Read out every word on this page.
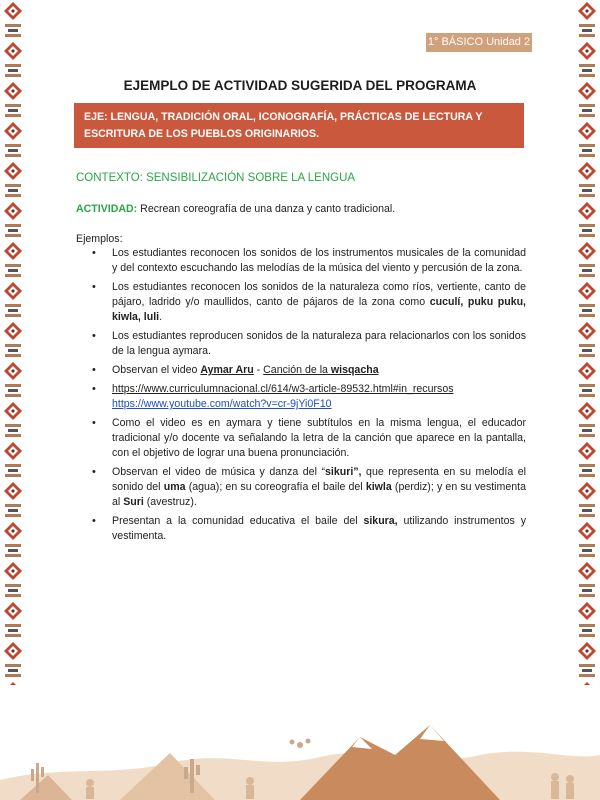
1° BÁSICO Unidad 2
EJEMPLO DE ACTIVIDAD SUGERIDA DEL PROGRAMA
EJE: LENGUA, TRADICIÓN ORAL, ICONOGRAFÍA, PRÁCTICAS DE LECTURA Y ESCRITURA DE LOS PUEBLOS ORIGINARIOS.
CONTEXTO: SENSIBILIZACIÓN SOBRE LA LENGUA
ACTIVIDAD: Recrean coreografía de una danza y canto tradicional.
Ejemplos:
• Los estudiantes reconocen los sonidos de los instrumentos musicales de la comunidad y del contexto escuchando las melodías de la música del viento y percusión de la zona.
• Los estudiantes reconocen los sonidos de la naturaleza como ríos, vertiente, canto de pájaro, ladrido y/o maullidos, canto de pájaros de la zona como cuculí, puku puku, kiwla, luli.
• Los estudiantes reproducen sonidos de la naturaleza para relacionarlos con los sonidos de la lengua aymara.
• Observan el video Aymar Aru - Canción de la wisqacha
• https://www.curriculumnacional.cl/614/w3-article-89532.html#in_recursos https://www.youtube.com/watch?v=cr-9jYi0F10
• Como el video es en aymara y tiene subtítulos en la misma lengua, el educador tradicional y/o docente va señalando la letra de la canción que aparece en la pantalla, con el objetivo de lograr una buena pronunciación.
• Observan el video de música y danza del “sikuri”, que representa en su melodía el sonido del uma (agua); en su coreografía el baile del kiwla (perdiz); y en su vestimenta al Suri (avestruz).
• Presentan a la comunidad educativa el baile del sikura, utilizando instrumentos y vestimenta.
